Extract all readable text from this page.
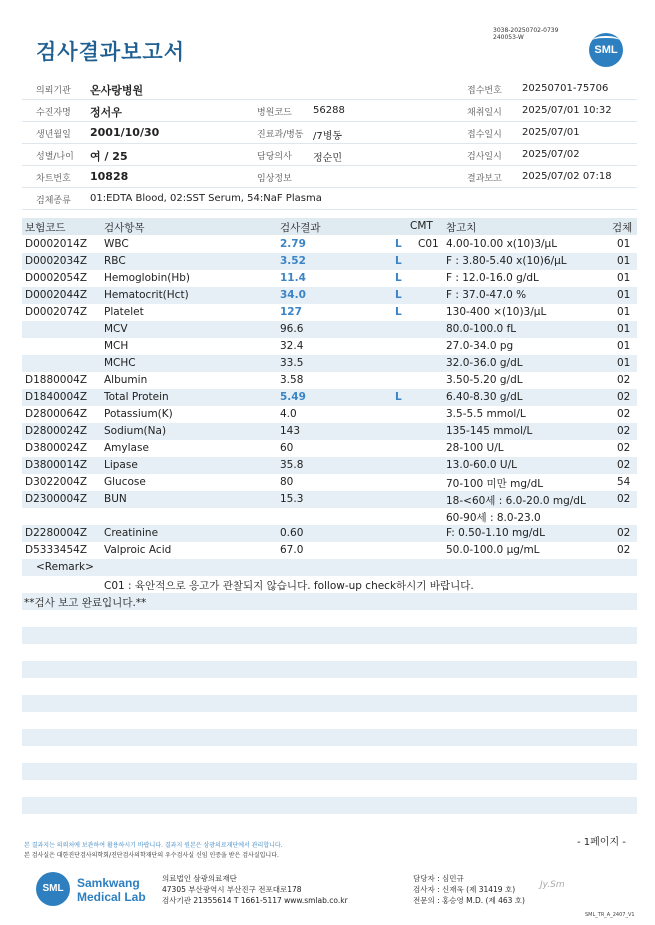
검사결과보고서
3038-20250702-0739
240053-W
SML
의뢰기관 온사랑병원	접수번호 20250701-75706
수진자명 정서우	병원코드 56288	채취일시 2025/07/01 10:32
생년월일 2001/10/30	진료과/병동 /7병동	접수일시 2025/07/01
성별/나이 여 / 25	담당의사 정순민	검사일시 2025/07/02
차트번호 10828	임상정보	결과보고 2025/07/02 07:18
검체종류 01:EDTA Blood, 02:SST Serum, 54:NaF Plasma
보험코드	검사항목	검사결과	CMT 참고치	검체
D0002014Z WBC	2.79	L C01 4.00-10.00 x(10)3/μL	01
D0002034Z RBC	3.52	L	F : 3.80-5.40 x(10)6/μL	01
D0002054Z Hemoglobin(Hb)	11.4	L	F : 12.0-16.0 g/dL	01
D0002044Z Hematocrit(Hct)	34.0	L	F : 37.0-47.0 %	01
D0002074Z Platelet	127	L	130-400 ×(10)3/μL	01
MCV	96.6	80.0-100.0 fL	01
MCH	32.4	27.0-34.0 pg	01
MCHC	33.5	32.0-36.0 g/dL	01
D1880004Z Albumin	3.58	3.50-5.20 g/dL	02
D1840004Z Total Protein	5.49	L	6.40-8.30 g/dL	02
D2800064Z Potassium(K)	4.0	3.5-5.5 mmol/L	02
D2800024Z Sodium(Na)	143	135-145 mmol/L	02
D3800024Z Amylase	60	28-100 U/L	02
D3800014Z Lipase	35.8	13.0-60.0 U/L	02
D3022004Z Glucose	80	70-100 미만 mg/dL	54
D2300004Z BUN	15.3	18-<60세 : 6.0-20.0 mg/dL	02
60-90세 : 8.0-23.0
D2280004Z Creatinine	0.60	F: 0.50-1.10 mg/dL	02
D5333454Z Valproic Acid	67.0	50.0-100.0 μg/mL	02
<Remark>
C01 : 육안적으로 응고가 관찰되지 않습니다. follow-up check하시기 바랍니다.
**검사 보고 완료입니다.**
- 1페이지 -
본 결과지는 의뢰처에 보관하여 활용하시기 바랍니다. 결과지 원본은 삼광의료재단에서 관리합니다.
본 검사실은 대한진단검사의학회/진단검사의학재단의 우수검사실 신임 인증을 받은 검사실입니다.
SML	Samkwang
Medical Lab
의료법인 삼광의료재단
47305 부산광역시 부산진구 전포대로178
검사기관 21355614 T 1661-5117 www.smlab.co.kr
담당자 : 심민규
검사자 : 신재욱 (제 31419 호)
전문의 : 홍승영 M.D. (제 463 호)
Jy.Sm
SML_TR_A_2407_V1
